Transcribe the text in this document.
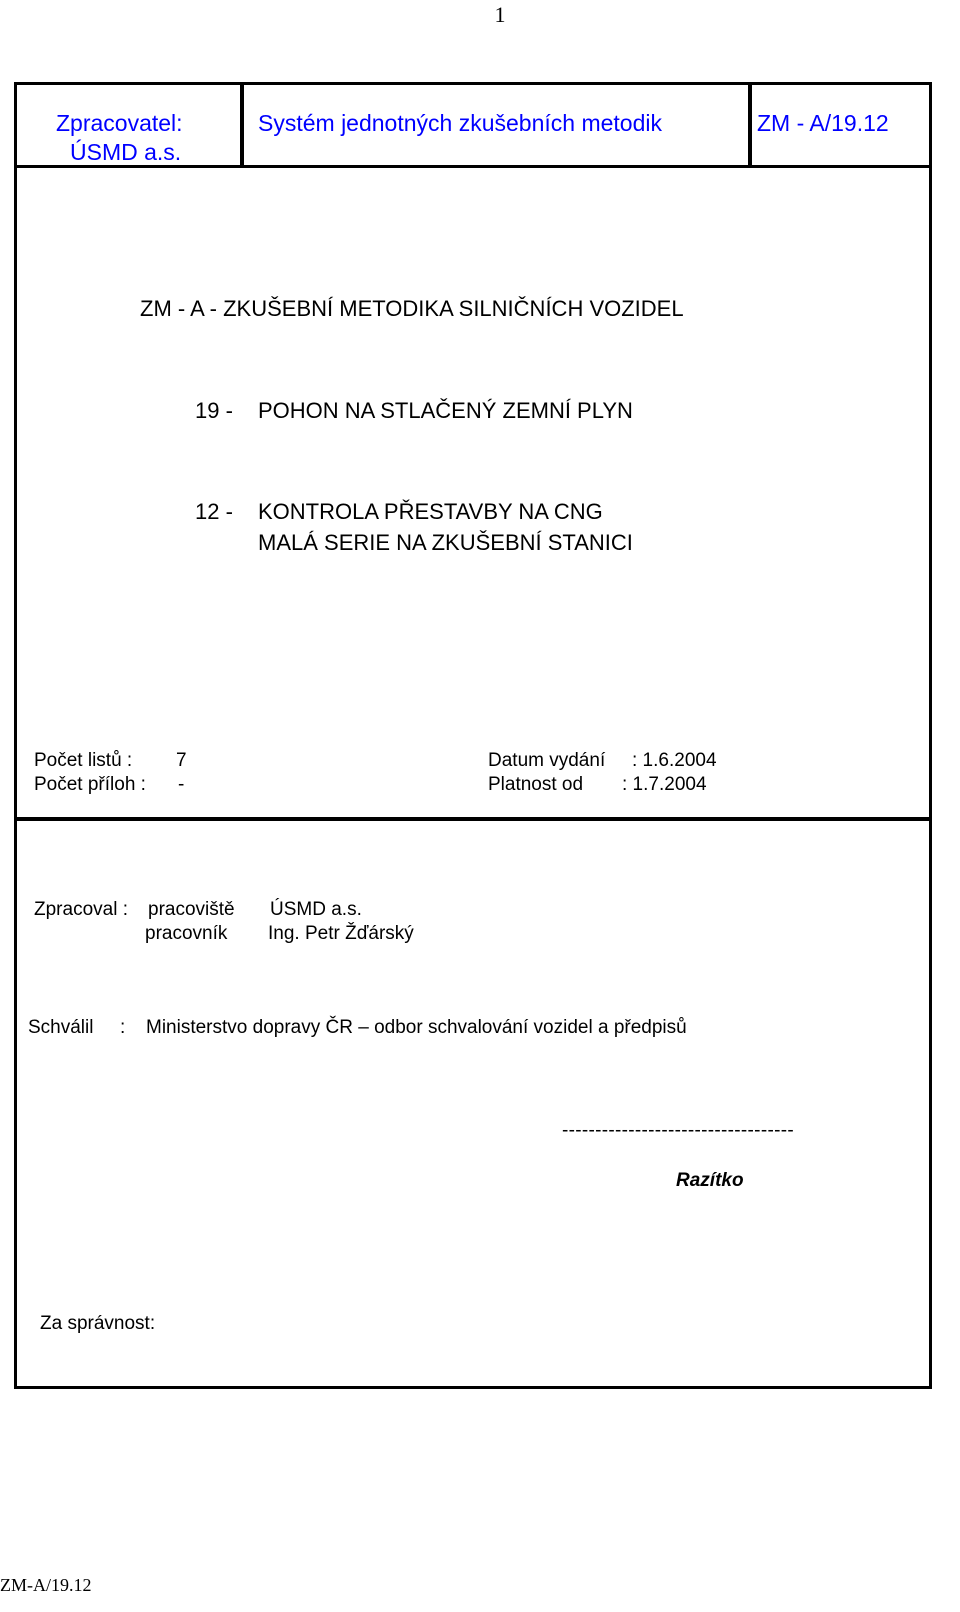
1
Zpracovatel:
ÚSMD a.s.
Systém jednotných zkušebních metodik	ZM - A/19.12
ZM - A - ZKUŠEBNÍ METODIKA SILNIČNÍCH VOZIDEL
19 - POHON NA STLAČENÝ ZEMNÍ PLYN
12 - KONTROLA PŘESTAVBY NA CNG
MALÁ SERIE NA ZKUŠEBNÍ STANICI
Počet listů : 7
Počet příloh : -
Datum vydání : 1.6.2004
Platnost od : 1.7.2004
Zpracoval : pracoviště ÚSMD a.s.
pracovník Ing. Petr Žďárský
Schválil : Ministerstvo dopravy ČR – odbor schvalování vozidel a předpisů
-----------------------------------
Razítko
Za správnost:
ZM-A/19.12
